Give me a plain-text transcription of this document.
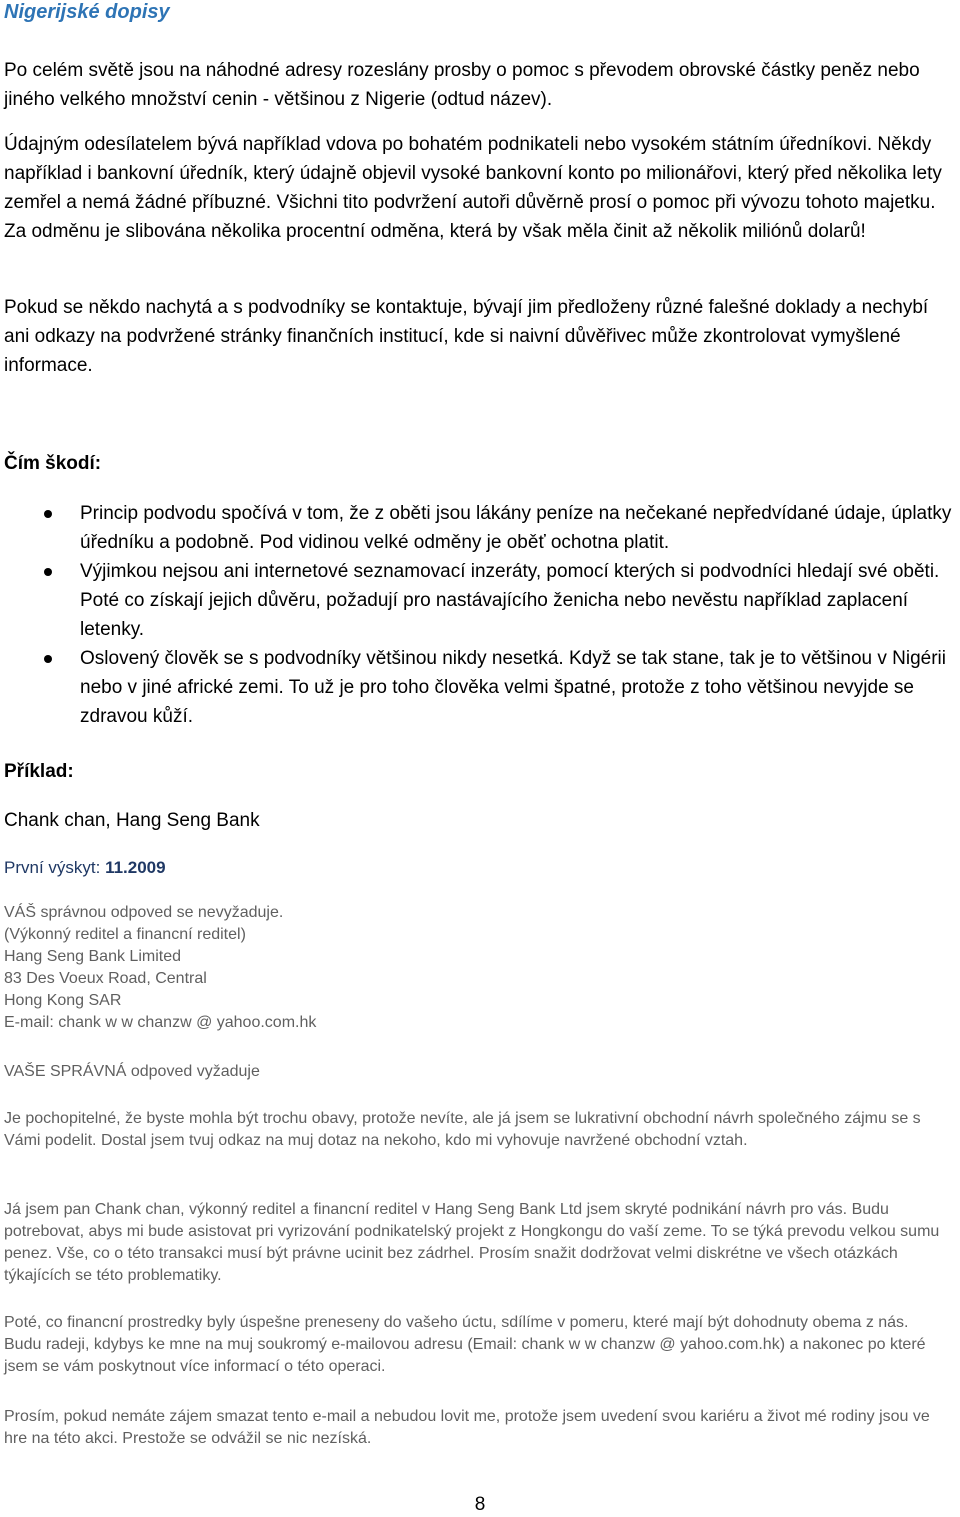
Nigerijské dopisy
Po celém světě jsou na náhodné adresy rozeslány prosby o pomoc s převodem obrovské částky peněz nebo jiného velkého množství cenin - většinou z Nigerie (odtud název).
Údajným odesílatelem bývá například vdova po bohatém podnikateli nebo vysokém státním úředníkovi. Někdy například i bankovní úředník, který údajně objevil vysoké bankovní konto po milionářovi, který před několika lety zemřel a nemá žádné příbuzné. Všichni tito podvržení autoři důvěrně prosí o pomoc při vývozu tohoto majetku. Za odměnu je slibována několika procentní odměna, která by však měla činit až několik miliónů dolarů!
Pokud se někdo nachytá a s podvodníky se kontaktuje, bývají jim předloženy různé falešné doklady a nechybí ani odkazy na podvržené stránky finančních institucí, kde si naivní důvěřivec může zkontrolovat vymyšlené informace.
Čím škodí:
Princip podvodu spočívá v tom, že z oběti jsou lákány peníze na nečekané nepředvídané údaje, úplatky úředníku a podobně. Pod vidinou velké odměny je oběť ochotna platit.
Výjimkou nejsou ani internetové seznamovací inzeráty, pomocí kterých si podvodníci hledají své oběti. Poté co získají jejich důvěru, požadují pro nastávajícího ženicha nebo nevěstu například zaplacení letenky.
Oslovený člověk se s podvodníky většinou nikdy nesetká. Když se tak stane, tak je to většinou v Nigérii nebo v jiné africké zemi. To už je pro toho člověka velmi špatné, protože z toho většinou nevyjde se zdravou kůží.
Příklad:
Chank chan, Hang Seng Bank
První výskyt: 11.2009
VÁŠ správnou odpoved se nevyžaduje.
(Výkonný reditel a financní reditel)
Hang Seng Bank Limited
83 Des Voeux Road, Central
Hong Kong SAR
E-mail: chank w w chanzw @ yahoo.com.hk
VAŠE SPRÁVNÁ odpoved vyžaduje
Je pochopitelné, že byste mohla být trochu obavy, protože nevíte, ale já jsem se lukrativní obchodní návrh společného zájmu se s Vámi podelit. Dostal jsem tvuj odkaz na muj dotaz na nekoho, kdo mi vyhovuje navržené obchodní vztah.
Já jsem pan Chank chan, výkonný reditel a financní reditel v Hang Seng Bank Ltd jsem skryté podnikání návrh pro vás. Budu potrebovat, abys mi bude asistovat pri vyrizování podnikatelský projekt z Hongkongu do vaší zeme. To se týká prevodu velkou sumu penez. Vše, co o této transakci musí být právne ucinit bez zádrhel. Prosím snažit dodržovat velmi diskrétne ve všech otázkách týkajících se této problematiky.
Poté, co financní prostredky byly úspešne preneseny do vašeho úctu, sdílíme v pomeru, které mají být dohodnuty obema z nás. Budu radeji, kdybys ke mne na muj soukromý e-mailovou adresu (Email: chank w w chanzw @ yahoo.com.hk) a nakonec po které jsem se vám poskytnout více informací o této operaci.
Prosím, pokud nemáte zájem smazat tento e-mail a nebudou lovit me, protože jsem uvedení svou kariéru a život mé rodiny jsou ve hre na této akci. Prestože se odvážil se nic nezíská.
8
